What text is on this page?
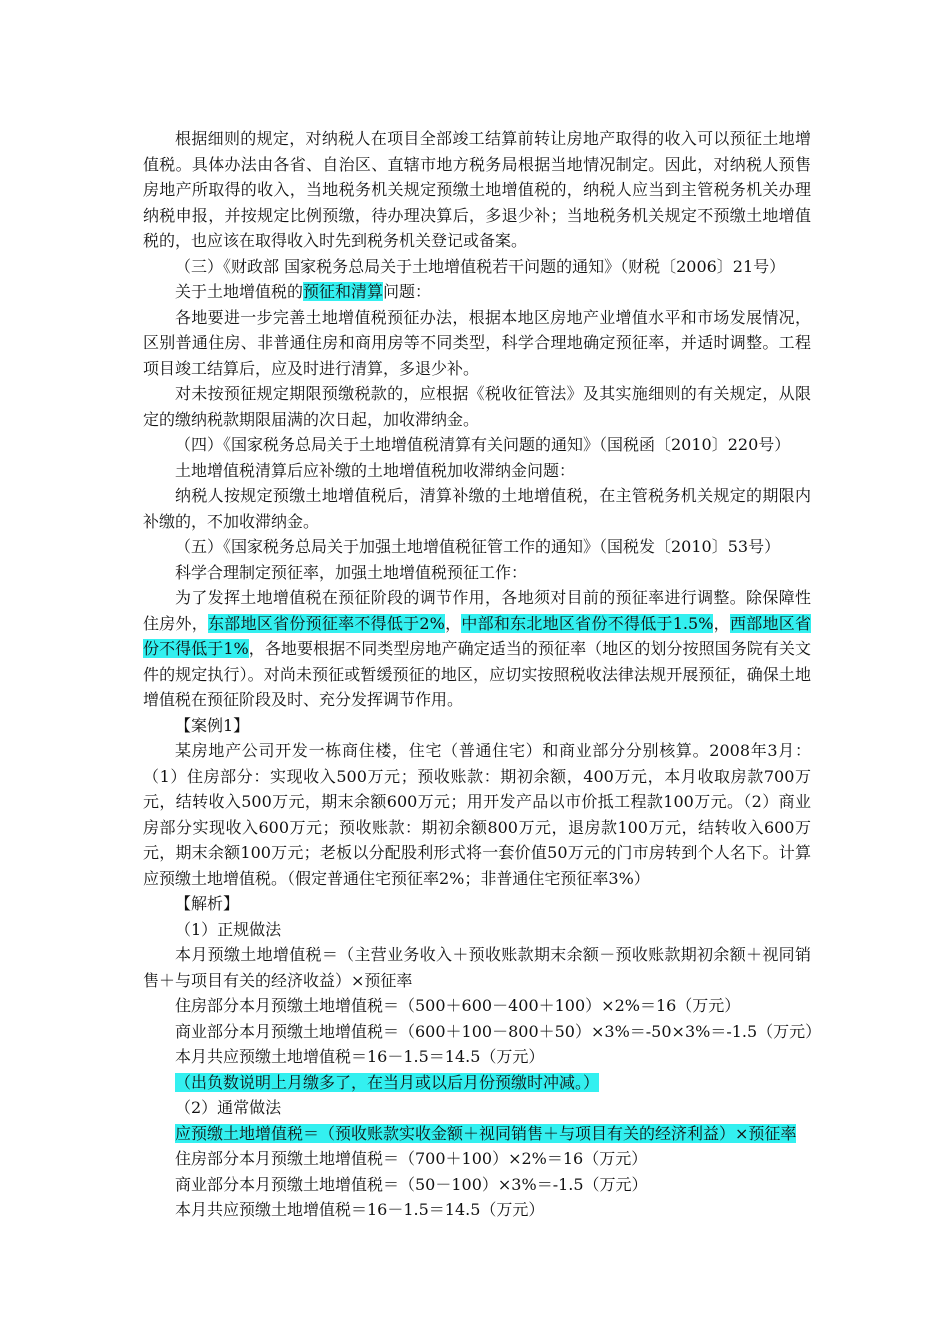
根据细则的规定，对纳税人在项目全部竣工结算前转让房地产取得的收入可以预征土地增值税。具体办法由各省、自治区、直辖市地方税务局根据当地情况制定。因此，对纳税人预售房地产所取得的收入，当地税务机关规定预缴土地增值税的，纳税人应当到主管税务机关办理纳税申报，并按规定比例预缴，待办理决算后，多退少补；当地税务机关规定不预缴土地增值税的，也应该在取得收入时先到税务机关登记或备案。

（三）《财政部 国家税务总局关于土地增值税若干问题的通知》（财税〔2006〕21号）

关于土地增值税的预征和清算问题：

各地要进一步完善土地增值税预征办法，根据本地区房地产业增值水平和市场发展情况，区别普通住房、非普通住房和商用房等不同类型，科学合理地确定预征率，并适时调整。工程项目竣工结算后，应及时进行清算，多退少补。

对未按预征规定期限预缴税款的，应根据《税收征管法》及其实施细则的有关规定，从限定的缴纳税款期限届满的次日起，加收滞纳金。

（四）《国家税务总局关于土地增值税清算有关问题的通知》（国税函〔2010〕220号）

土地增值税清算后应补缴的土地增值税加收滞纳金问题：

纳税人按规定预缴土地增值税后，清算补缴的土地增值税，在主管税务机关规定的期限内补缴的，不加收滞纳金。

（五）《国家税务总局关于加强土地增值税征管工作的通知》（国税发〔2010〕53号）

科学合理制定预征率，加强土地增值税预征工作：

为了发挥土地增值税在预征阶段的调节作用，各地须对目前的预征率进行调整。除保障性住房外，东部地区省份预征率不得低于2%，中部和东北地区省份不得低于1.5%，西部地区省份不得低于1%，各地要根据不同类型房地产确定适当的预征率（地区的划分按照国务院有关文件的规定执行）。对尚未预征或暂缓预征的地区，应切实按照税收法律法规开展预征，确保土地增值税在预征阶段及时、充分发挥调节作用。

【案例1】

某房地产公司开发一栋商住楼，住宅（普通住宅）和商业部分分别核算。2008年3月：（1）住房部分：实现收入500万元；预收账款：期初余额，400万元，本月收取房款700万元，结转收入500万元，期末余额600万元；用开发产品以市价抵工程款100万元。（2）商业房部分实现收入600万元；预收账款：期初余额800万元，退房款100万元，结转收入600万元，期末余额100万元；老板以分配股利形式将一套价值50万元的门市房转到个人名下。计算应预缴土地增值税。（假定普通住宅预征率2%；非普通住宅预征率3%）

【解析】

（1）正规做法

本月预缴土地增值税＝（主营业务收入＋预收账款期末余额－预收账款期初余额＋视同销售＋与项目有关的经济收益）×预征率

住房部分本月预缴土地增值税＝（500＋600－400＋100）×2%＝16（万元）

商业部分本月预缴土地增值税＝（600＋100－800＋50）×3%＝-50×3%＝-1.5（万元）

本月共应预缴土地增值税＝16－1.5＝14.5（万元）

（出负数说明上月缴多了，在当月或以后月份预缴时冲减。）

（2）通常做法

应预缴土地增值税＝（预收账款实收金额＋视同销售＋与项目有关的经济利益）×预征率

住房部分本月预缴土地增值税＝（700＋100）×2%＝16（万元）

商业部分本月预缴土地增值税＝（50－100）×3%＝-1.5（万元）

本月共应预缴土地增值税＝16－1.5＝14.5（万元）
